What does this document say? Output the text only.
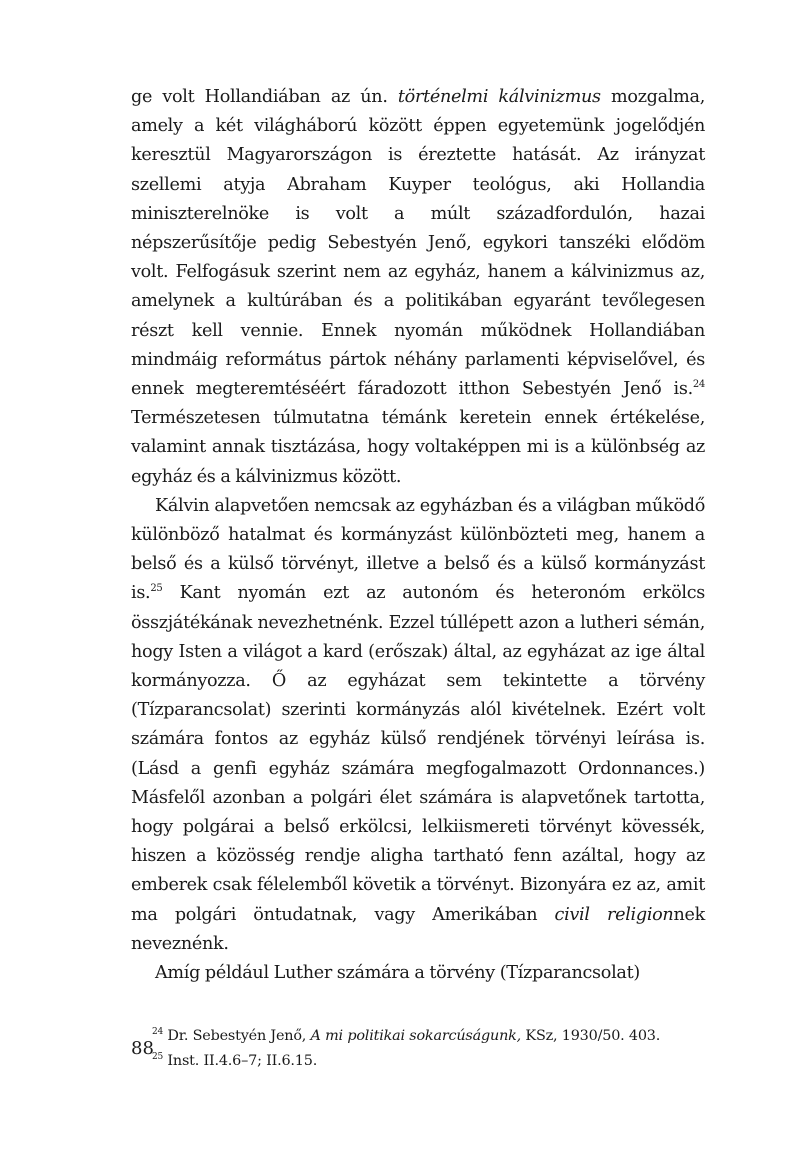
ge volt Hollandiában az ún. történelmi kálvinizmus mozgalma, amely a két világháború között éppen egyetemünk jogelődjén keresztül Magyarországon is éreztette hatását. Az irányzat szellemi atyja Abraham Kuyper teológus, aki Hollandia miniszterelnöke is volt a múlt századfordulón, hazai népszerűsítője pedig Sebestyén Jenő, egykori tanszéki elődöm volt. Felfogásuk szerint nem az egyház, hanem a kálvinizmus az, amelynek a kultúrában és a politikában egyaránt tevőlegesen részt kell vennie. Ennek nyomán működnek Hollandiában mindmáig református pártok néhány parlamenti képviselővel, és ennek megteremtéséért fáradozott itthon Sebestyén Jenő is.$^{24}$ Természetesen túlmutatna témánk keretein ennek értékelése, valamint annak tisztázása, hogy voltaképpen mi is a különbség az egyház és a kálvinizmus között.

Kálvin alapvetően nemcsak az egyházban és a világban működő különböző hatalmat és kormányzást különbözteti meg, hanem a belső és a külső törvényt, illetve a belső és a külső kormányzást is.$^{25}$ Kant nyomán ezt az autonóm és heteronóm erkölcs összjátékának nevezhetnénk. Ezzel túllépett azon a lutheri sémán, hogy Isten a világot a kard (erőszak) által, az egyházat az ige által kormányozza. Ő az egyházat sem tekintette a törvény (Tízparancsolat) szerinti kormányzás alól kivételnek. Ezért volt számára fontos az egyház külső rendjének törvényi leírása is. (Lásd a genfi egyház számára megfogalmazott Ordonnances.) Másfelől azonban a polgári élet számára is alapvetőnek tartotta, hogy polgárai a belső erkölcsi, lelkiismereti törvényt kövessék, hiszen a közösség rendje aligha tartható fenn azáltal, hogy az emberek csak félelemből követik a törvényt. Bizonyára ez az, amit ma polgári öntudatnak, vagy Amerikában civil religionnek neveznénk.

Amíg például Luther számára a törvény (Tízparancsolat)

$^{24}$ Dr. Sebestyén Jenő, A mi politikai sokarcúságunk, KSz, 1930/50. 403.
$^{25}$ Inst. II.4.6–7; II.6.15.
88
